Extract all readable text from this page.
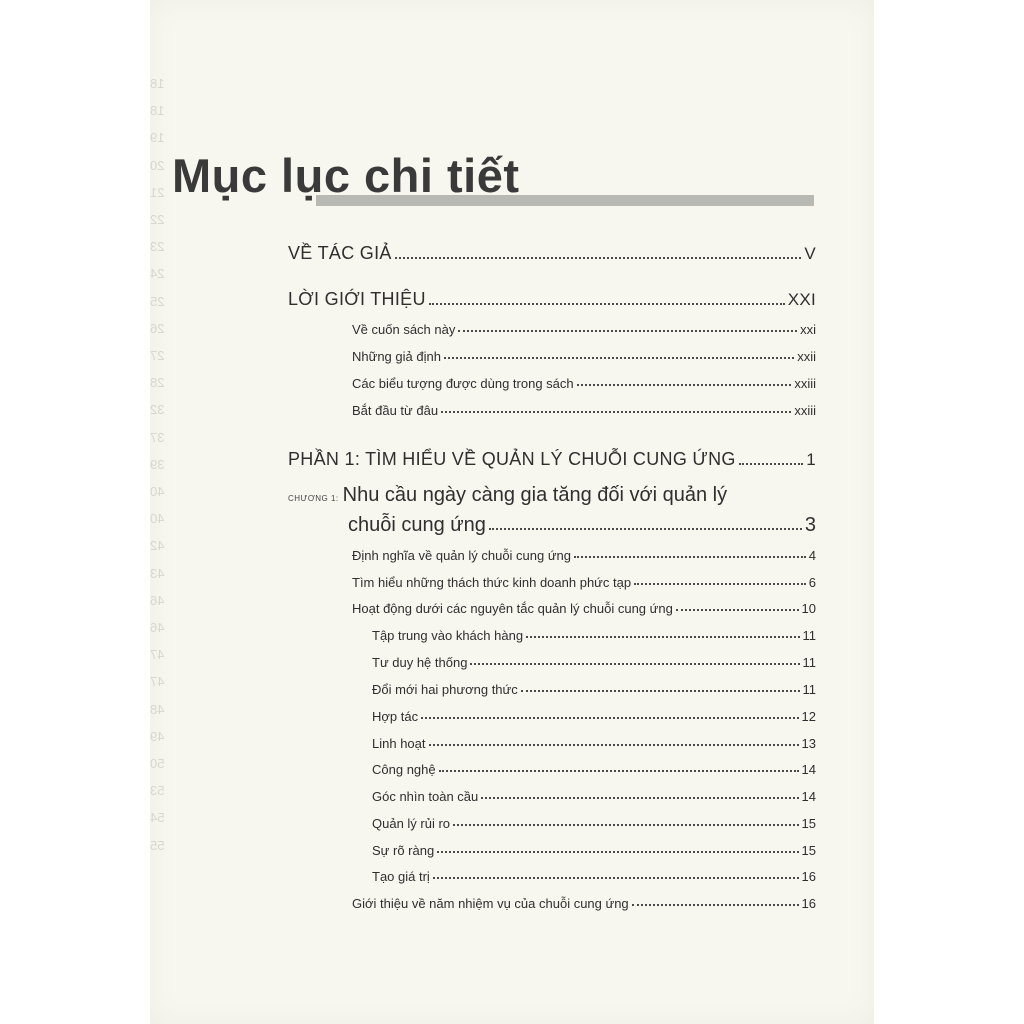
18
18
19
20
21
22
23
24
25
26
27
28
32
37
39
40
40
42
43
46
46
47
47
48
49
50
53
54
55
Mục lục chi tiết
VỀ TÁC GIẢ	V
LỜI GIỚI THIỆU	XXI
Về cuốn sách này	xxi
Những giả định	xxii
Các biểu tượng được dùng trong sách	xxiii
Bắt đầu từ đâu	xxiii
PHẦN 1: TÌM HIỂU VỀ QUẢN LÝ CHUỖI CUNG ỨNG	1
CHƯƠNG 1: Nhu cầu ngày càng gia tăng đối với quản lý
chuỗi cung ứng	3
Định nghĩa về quản lý chuỗi cung ứng	4
Tìm hiểu những thách thức kinh doanh phức tạp	6
Hoạt động dưới các nguyên tắc quản lý chuỗi cung ứng	10
Tập trung vào khách hàng	11
Tư duy hệ thống	11
Đổi mới hai phương thức	11
Hợp tác	12
Linh hoạt	13
Công nghệ	14
Góc nhìn toàn cầu	14
Quản lý rủi ro	15
Sự rõ ràng	15
Tạo giá trị	16
Giới thiệu về năm nhiệm vụ của chuỗi cung ứng	16
